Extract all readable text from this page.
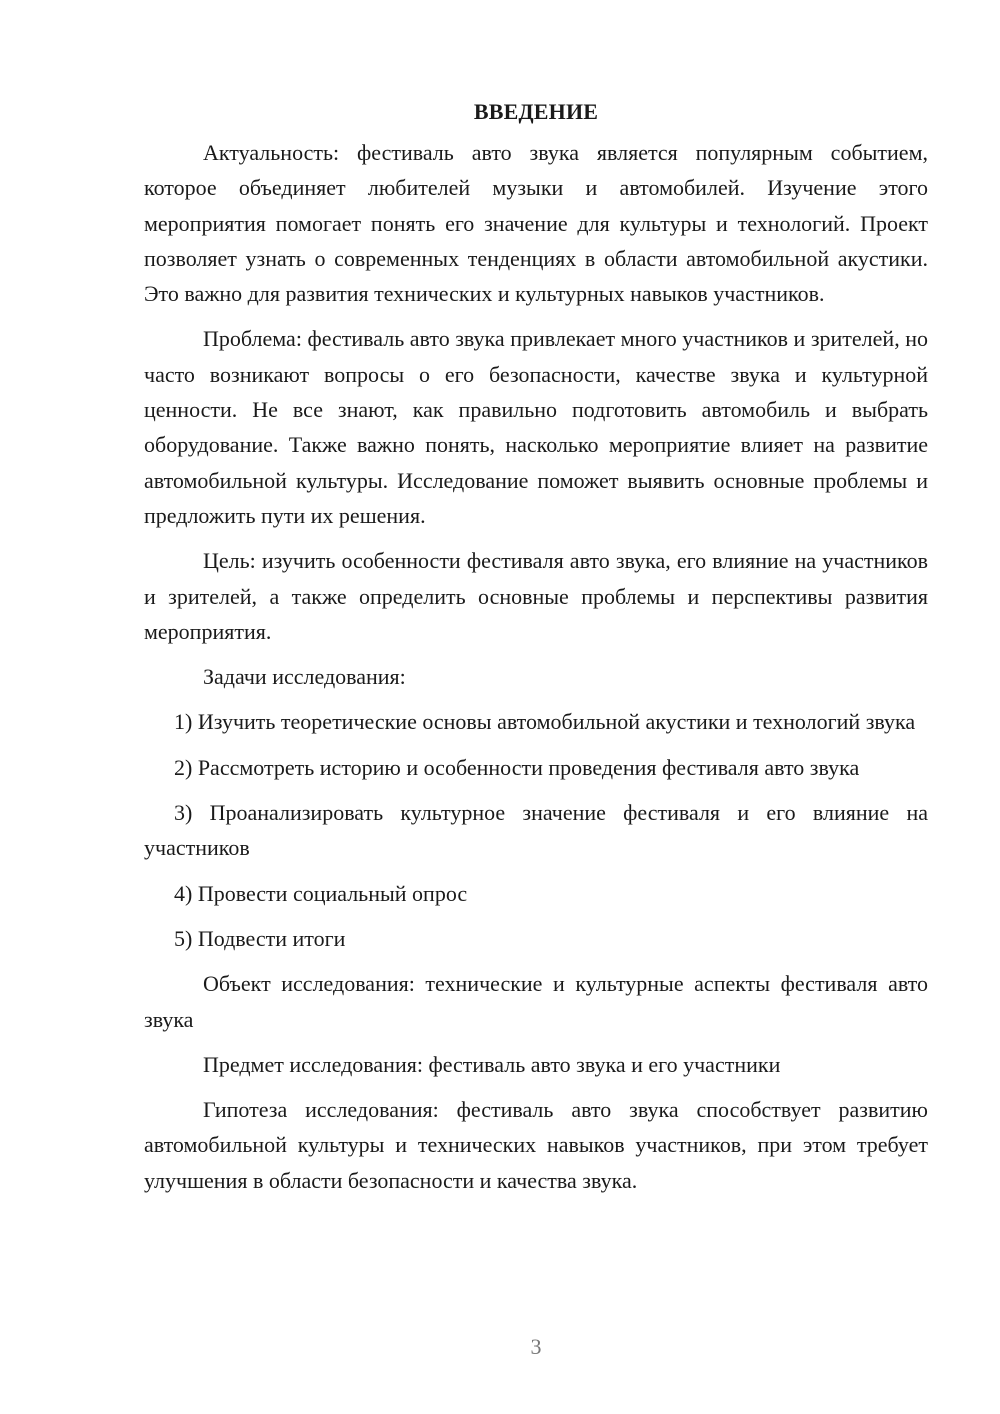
ВВЕДЕНИЕ

Актуальность: фестиваль авто звука является популярным событием, которое объединяет любителей музыки и автомобилей. Изучение этого мероприятия помогает понять его значение для культуры и технологий. Проект позволяет узнать о современных тенденциях в области автомобильной акустики. Это важно для развития технических и культурных навыков участников.

Проблема: фестиваль авто звука привлекает много участников и зрителей, но часто возникают вопросы о его безопасности, качестве звука и культурной ценности. Не все знают, как правильно подготовить автомобиль и выбрать оборудование. Также важно понять, насколько мероприятие влияет на развитие автомобильной культуры. Исследование поможет выявить основные проблемы и предложить пути их решения.

Цель: изучить особенности фестиваля авто звука, его влияние на участников и зрителей, а также определить основные проблемы и перспективы развития мероприятия.

Задачи исследования:

1) Изучить теоретические основы автомобильной акустики и технологий звука

2) Рассмотреть историю и особенности проведения фестиваля авто звука

3) Проанализировать культурное значение фестиваля и его влияние на участников

4) Провести социальный опрос

5) Подвести итоги

Объект исследования: технические и культурные аспекты фестиваля авто звука

Предмет исследования: фестиваль авто звука и его участники

Гипотеза исследования: фестиваль авто звука способствует развитию автомобильной культуры и технических навыков участников, при этом требует улучшения в области безопасности и качества звука.

3
